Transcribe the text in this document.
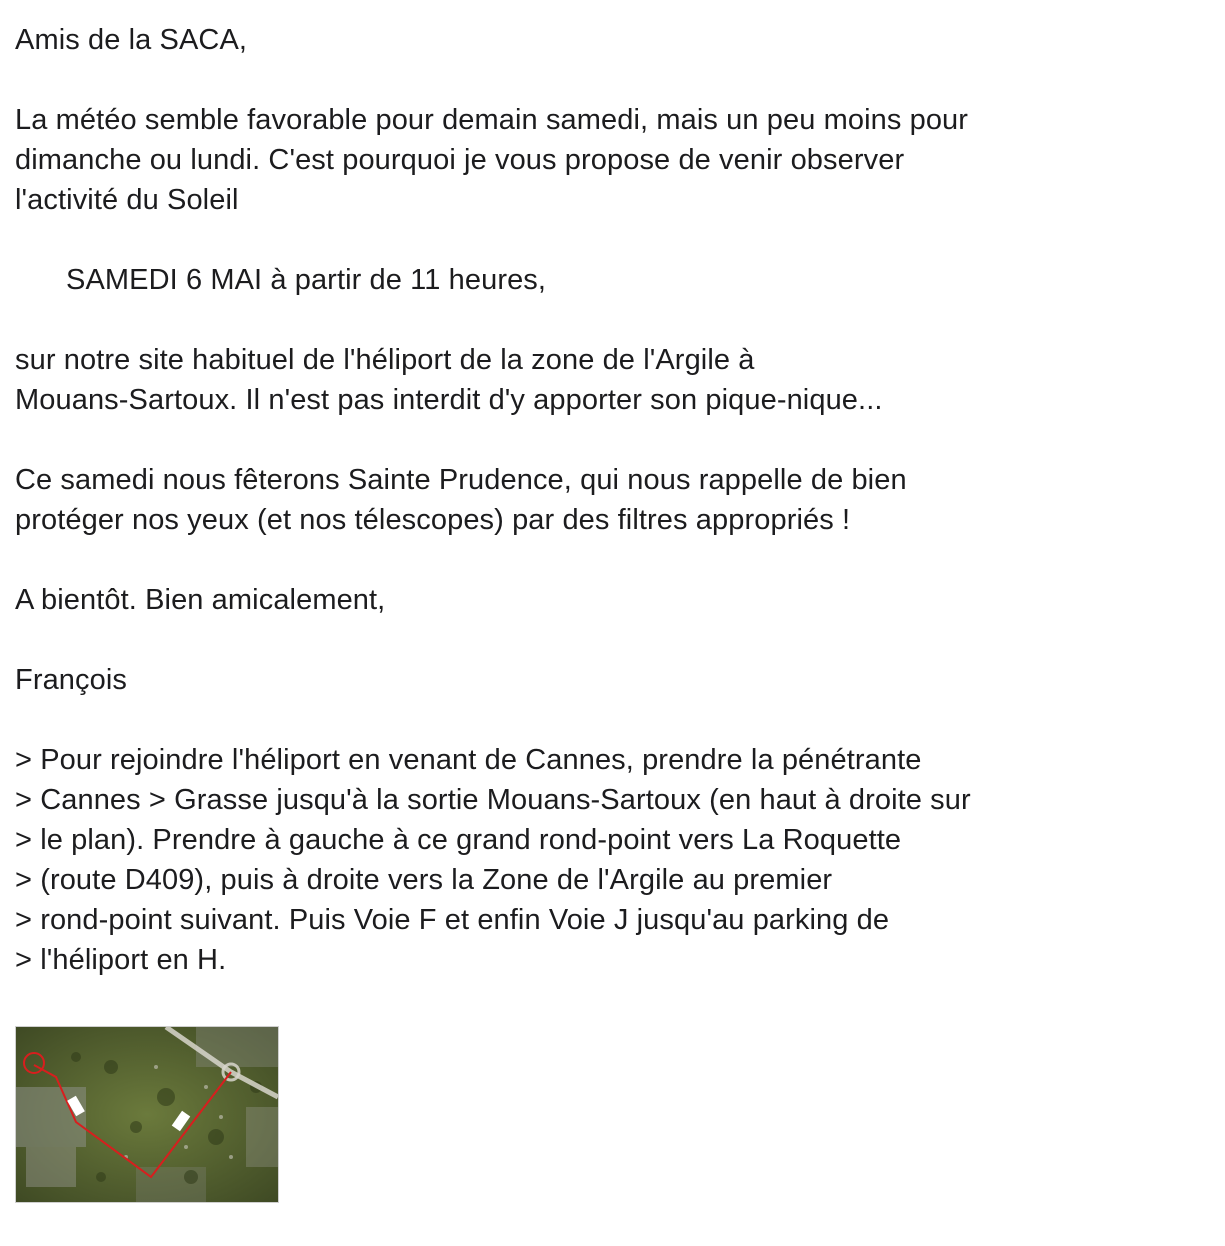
Amis de la SACA,
La météo semble favorable pour demain samedi, mais un peu moins pour
dimanche ou lundi. C'est pourquoi je vous propose de venir observer
l'activité du Soleil
SAMEDI 6 MAI à partir de 11 heures,
sur notre site habituel de l'héliport de la zone de l'Argile à
Mouans-Sartoux. Il n'est pas interdit d'y apporter son pique-nique...
Ce samedi nous fêterons Sainte Prudence, qui nous rappelle de bien
protéger nos yeux (et nos télescopes) par des filtres appropriés !
A bientôt. Bien amicalement,
François
> Pour rejoindre l'héliport en venant de Cannes, prendre la pénétrante
> Cannes > Grasse jusqu'à la sortie Mouans-Sartoux (en haut à droite sur
> le plan). Prendre à gauche à ce grand rond-point vers La Roquette
> (route D409), puis à droite vers la Zone de l'Argile au premier
> rond-point suivant. Puis Voie F et enfin Voie J jusqu'au parking de
> l'héliport en H.
